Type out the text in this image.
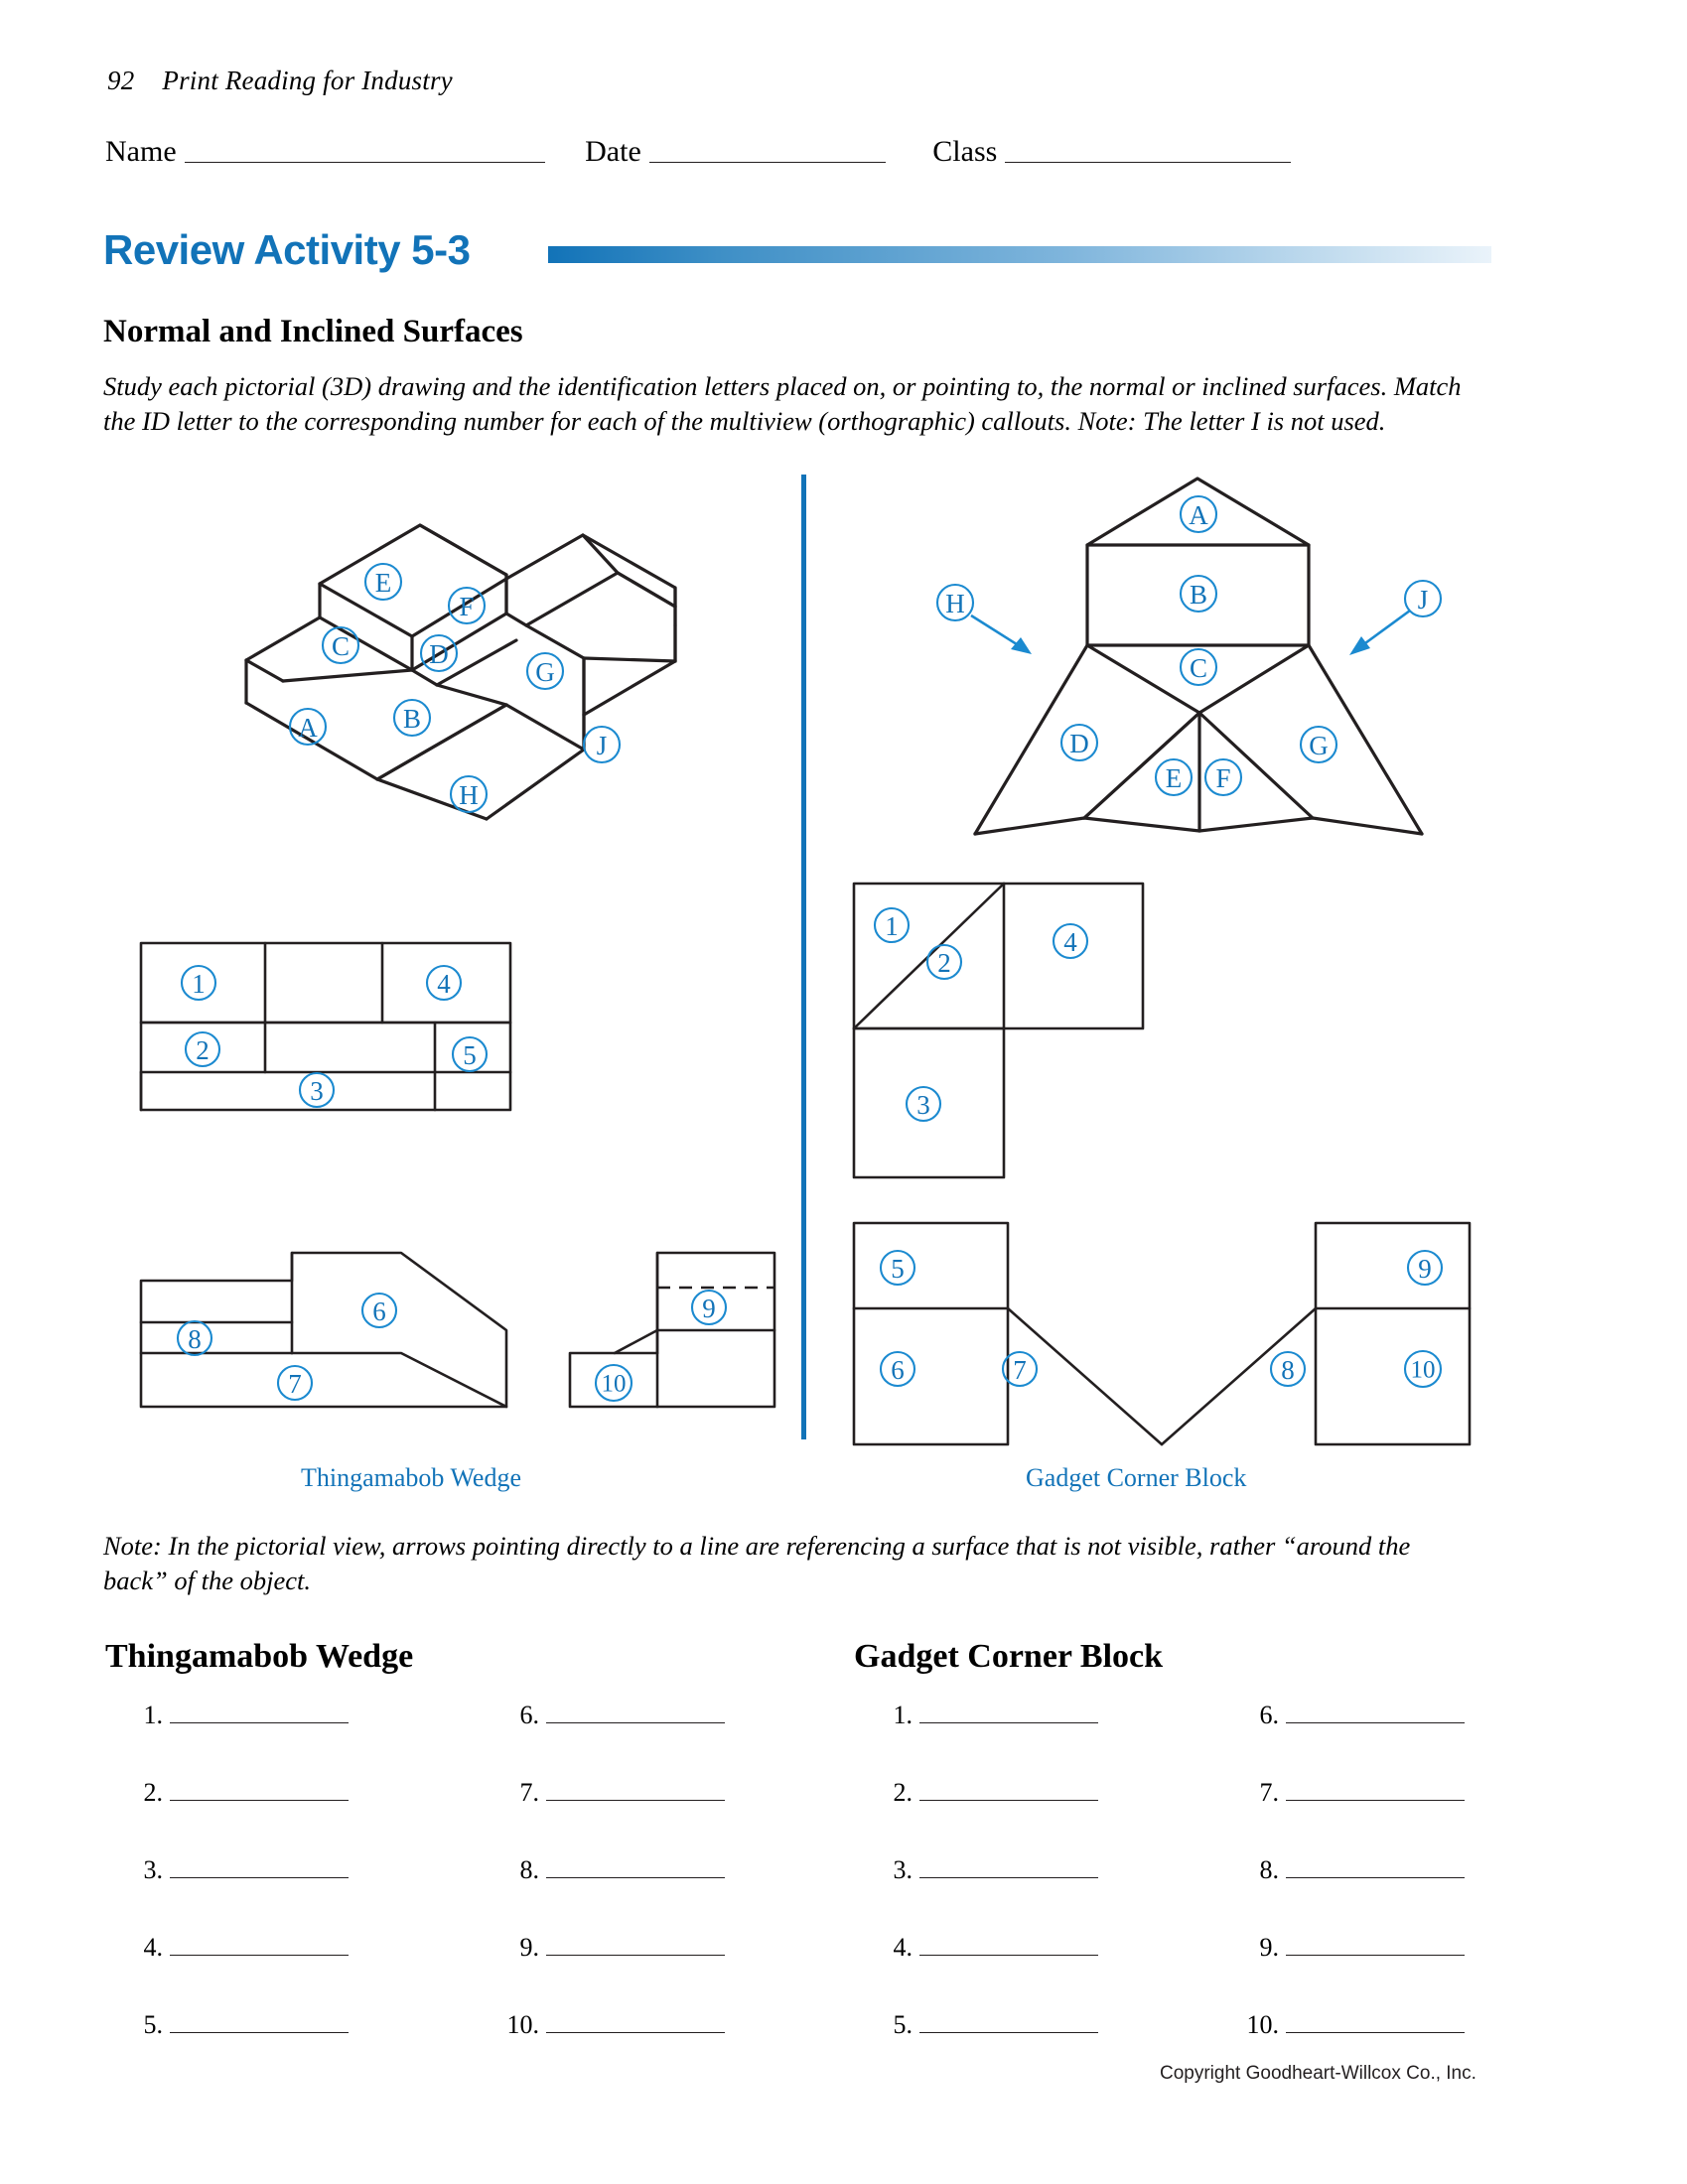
92 Print Reading for Industry
Name	Date	Class
Review Activity 5-3
Normal and Inclined Surfaces
Study each pictorial (3D) drawing and the identification letters placed on, or pointing to, the normal or inclined surfaces. Match the ID letter to the corresponding number for each of the multiview (orthographic) callouts. Note: The letter I is not used.
E
F
C	D
G
A	B
J
H
1	4
2
3
5
6
8
7
9
10
Thingamabob Wedge
H	J
A
B
C
D
E F
G
1
4
2
3
5	9
6	7	8	10
Gadget Corner Block
Note: In the pictorial view, arrows pointing directly to a line are referencing a surface that is not visible, rather “around the back” of the object.
Thingamabob Wedge	Gadget Corner Block
1.
2.
3.
4.
5.
6.
7.
8.
9.
10.
1.
2.
3.
4.
5.
6.
7.
8.
9.
10.
Copyright Goodheart-Willcox Co., Inc.
